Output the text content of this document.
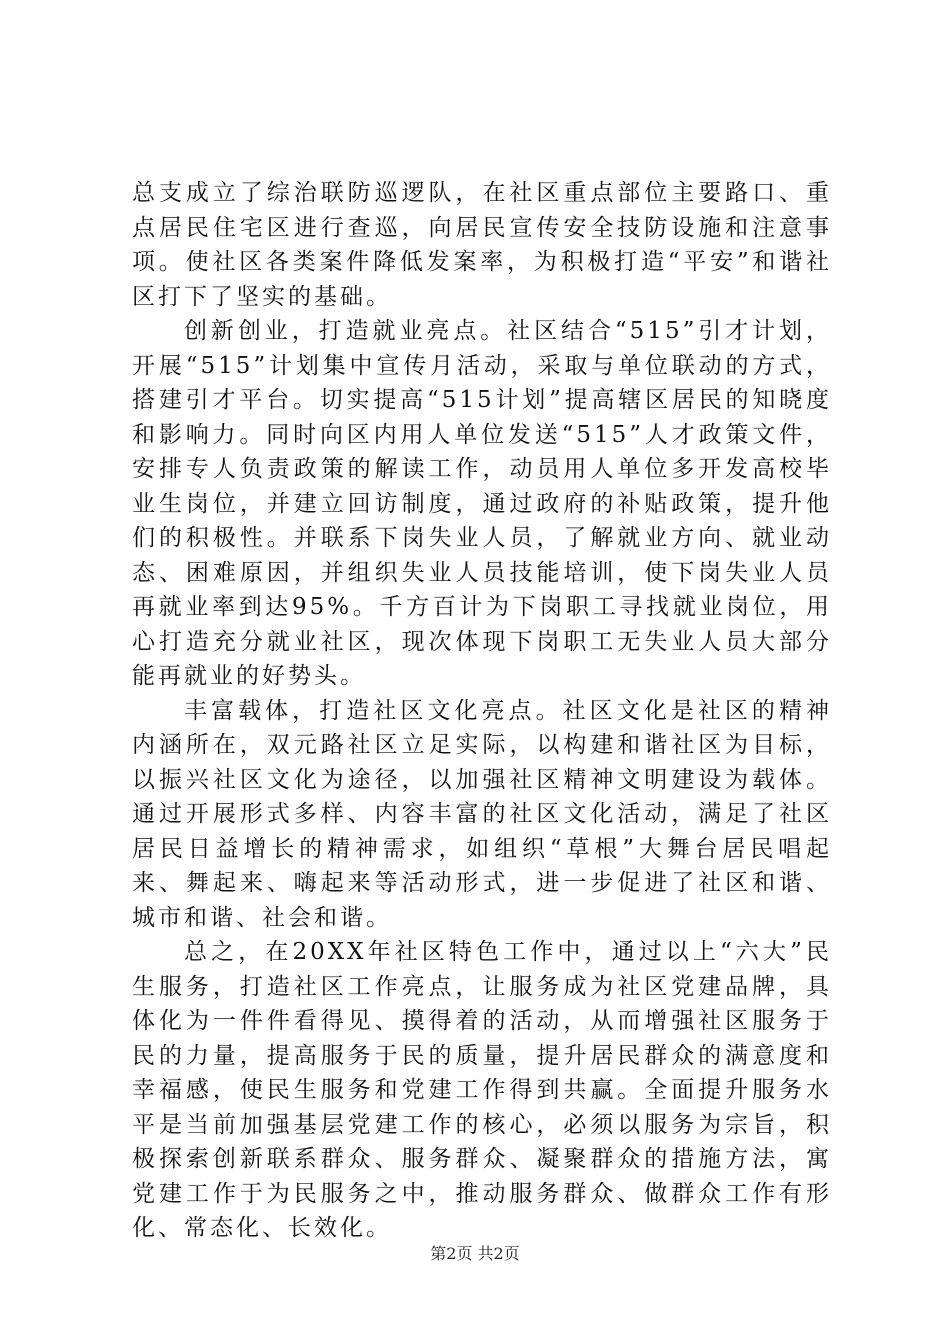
总支成立了综治联防巡逻队，在社区重点部位主要路口、重点居民住宅区进行查巡，向居民宣传安全技防设施和注意事项。使社区各类案件降低发案率，为积极打造“平安”和谐社区打下了坚实的基础。

创新创业，打造就业亮点。社区结合“515”引才计划，开展“515”计划集中宣传月活动，采取与单位联动的方式，搭建引才平台。切实提高“515计划”提高辖区居民的知晓度和影响力。同时向区内用人单位发送“515”人才政策文件，安排专人负责政策的解读工作，动员用人单位多开发高校毕业生岗位，并建立回访制度，通过政府的补贴政策，提升他们的积极性。并联系下岗失业人员，了解就业方向、就业动态、困难原因，并组织失业人员技能培训，使下岗失业人员再就业率到达95%。千方百计为下岗职工寻找就业岗位，用心打造充分就业社区，现次体现下岗职工无失业人员大部分能再就业的好势头。

丰富载体，打造社区文化亮点。社区文化是社区的精神内涵所在，双元路社区立足实际，以构建和谐社区为目标，以振兴社区文化为途径，以加强社区精神文明建设为载体。通过开展形式多样、内容丰富的社区文化活动，满足了社区居民日益增长的精神需求，如组织“草根”大舞台居民唱起来、舞起来、嗨起来等活动形式，进一步促进了社区和谐、城市和谐、社会和谐。

总之，在20XX年社区特色工作中，通过以上“六大”民生服务，打造社区工作亮点，让服务成为社区党建品牌，具体化为一件件看得见、摸得着的活动，从而增强社区服务于民的力量，提高服务于民的质量，提升居民群众的满意度和幸福感，使民生服务和党建工作得到共赢。全面提升服务水平是当前加强基层党建工作的核心，必须以服务为宗旨，积极探索创新联系群众、服务群众、凝聚群众的措施方法，寓党建工作于为民服务之中，推动服务群众、做群众工作有形化、常态化、长效化。

第2页 共2页
